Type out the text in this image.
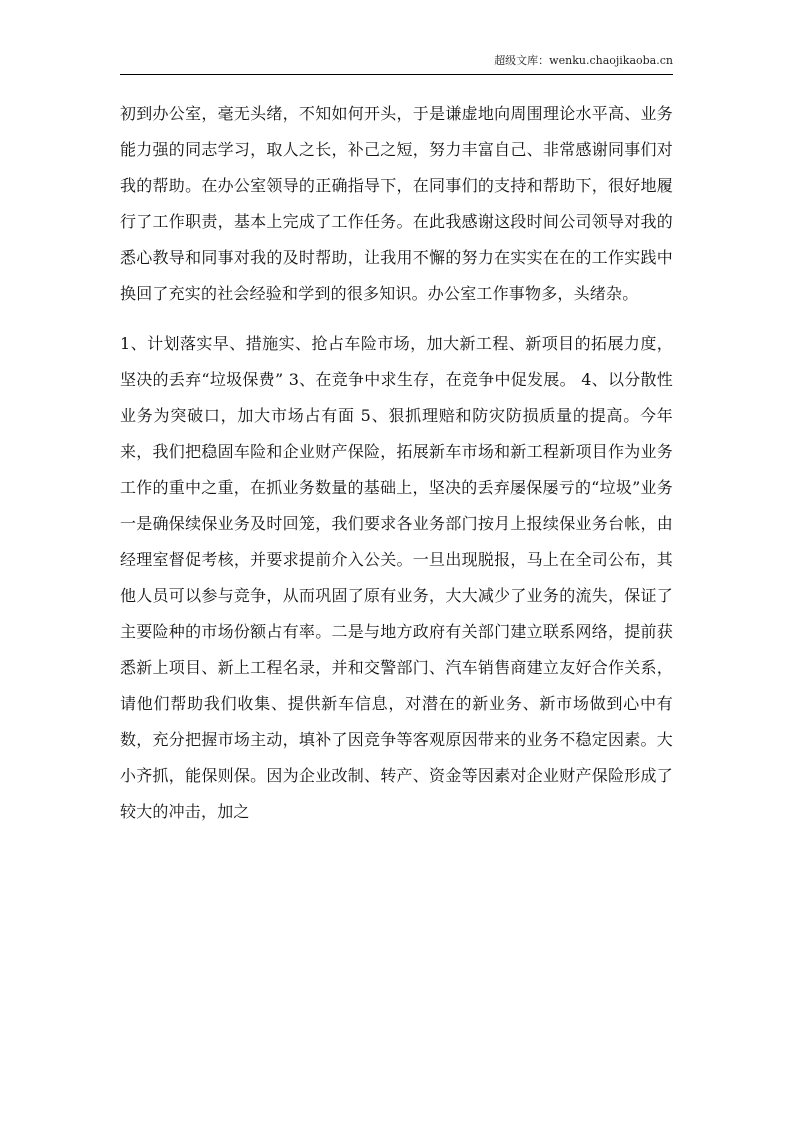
超级文库：wenku.chaojikaoba.cn

初到办公室，毫无头绪，不知如何开头，于是谦虚地向周围理论水平高、业务能力强的同志学习，取人之长，补己之短，努力丰富自己、非常感谢同事们对我的帮助。在办公室领导的正确指导下，在同事们的支持和帮助下，很好地履行了工作职责，基本上完成了工作任务。在此我感谢这段时间公司领导对我的悉心教导和同事对我的及时帮助，让我用不懈的努力在实实在在的工作实践中换回了充实的社会经验和学到的很多知识。办公室工作事物多，头绪杂。

1、计划落实早、措施实、抢占车险市场，加大新工程、新项目的拓展力度，坚决的丢弃“垃圾保费” 3、在竞争中求生存，在竞争中促发展。 4、以分散性业务为突破口，加大市场占有面 5、狠抓理赔和防灾防损质量的提高。今年来，我们把稳固车险和企业财产保险，拓展新车市场和新工程新项目作为业务工作的重中之重，在抓业务数量的基础上，坚决的丢弃屡保屡亏的“垃圾”业务 一是确保续保业务及时回笼，我们要求各业务部门按月上报续保业务台帐，由经理室督促考核，并要求提前介入公关。一旦出现脱报，马上在全司公布，其他人员可以参与竞争，从而巩固了原有业务，大大减少了业务的流失，保证了主要险种的市场份额占有率。二是与地方政府有关部门建立联系网络，提前获悉新上项目、新上工程名录，并和交警部门、汽车销售商建立友好合作关系，请他们帮助我们收集、提供新车信息，对潜在的新业务、新市场做到心中有数，充分把握市场主动，填补了因竞争等客观原因带来的业务不稳定因素。大小齐抓，能保则保。因为企业改制、转产、资金等因素对企业财产保险形成了较大的冲击，加之
